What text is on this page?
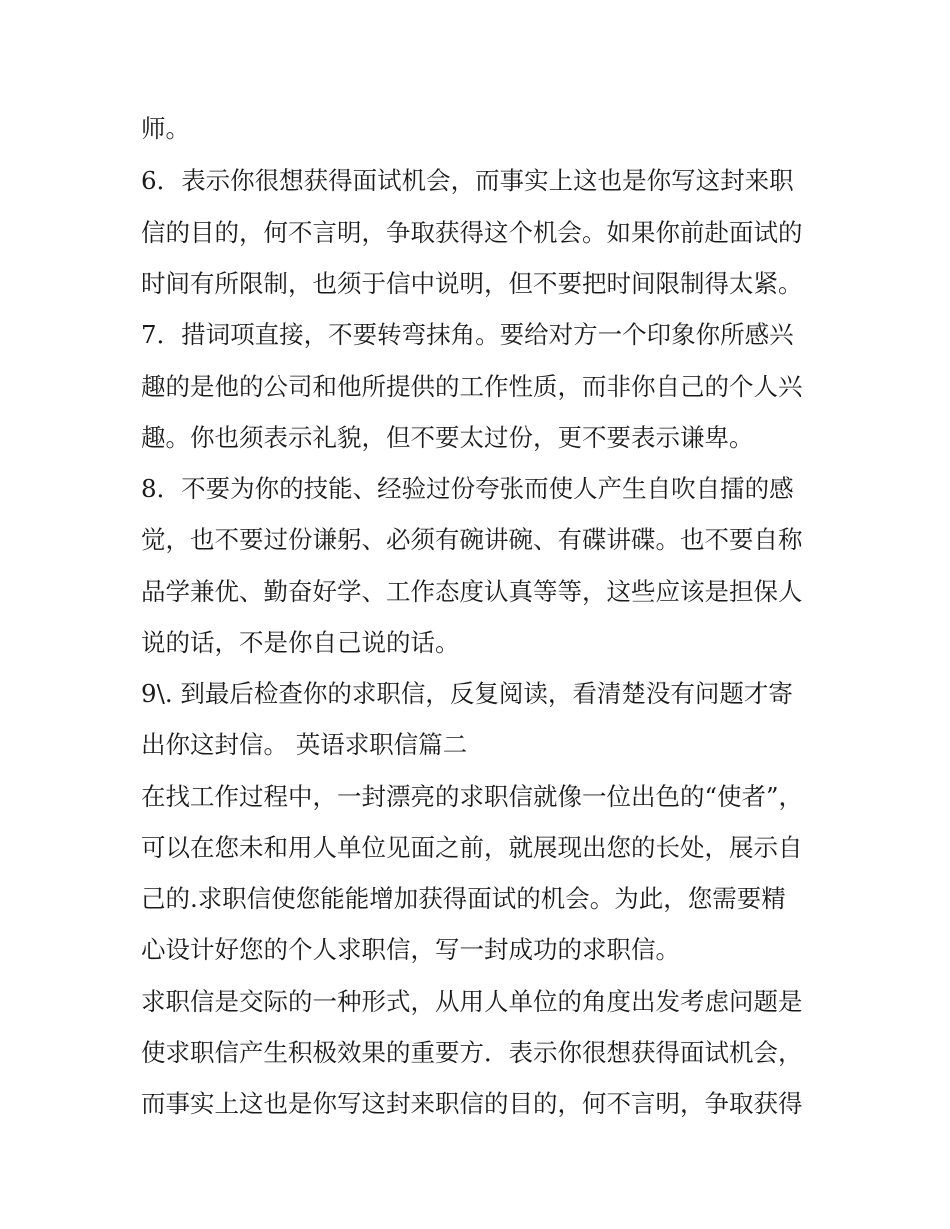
师。
6．表示你很想获得面试机会，而事实上这也是你写这封来职
信的目的，何不言明，争取获得这个机会。如果你前赴面试的
时间有所限制，也须于信中说明，但不要把时间限制得太紧。
7．措词项直接，不要转弯抹角。要给对方一个印象你所感兴
趣的是他的公司和他所提供的工作性质，而非你自己的个人兴
趣。你也须表示礼貌，但不要太过份，更不要表示谦卑。
8．不要为你的技能、经验过份夸张而使人产生自吹自擂的感
觉，也不要过份谦躬、必须有碗讲碗、有碟讲碟。也不要自称
品学兼优、勤奋好学、工作态度认真等等，这些应该是担保人
说的话，不是你自己说的话。
9\. 到最后检查你的求职信，反复阅读，看清楚没有问题才寄
出你这封信。 英语求职信篇二
在找工作过程中，一封漂亮的求职信就像一位出色的“使者”，
可以在您未和用人单位见面之前，就展现出您的长处，展示自
己的.求职信使您能能增加获得面试的机会。为此，您需要精
心设计好您的个人求职信，写一封成功的求职信。
求职信是交际的一种形式，从用人单位的角度出发考虑问题是
使求职信产生积极效果的重要方．表示你很想获得面试机会，
而事实上这也是你写这封来职信的目的，何不言明，争取获得
